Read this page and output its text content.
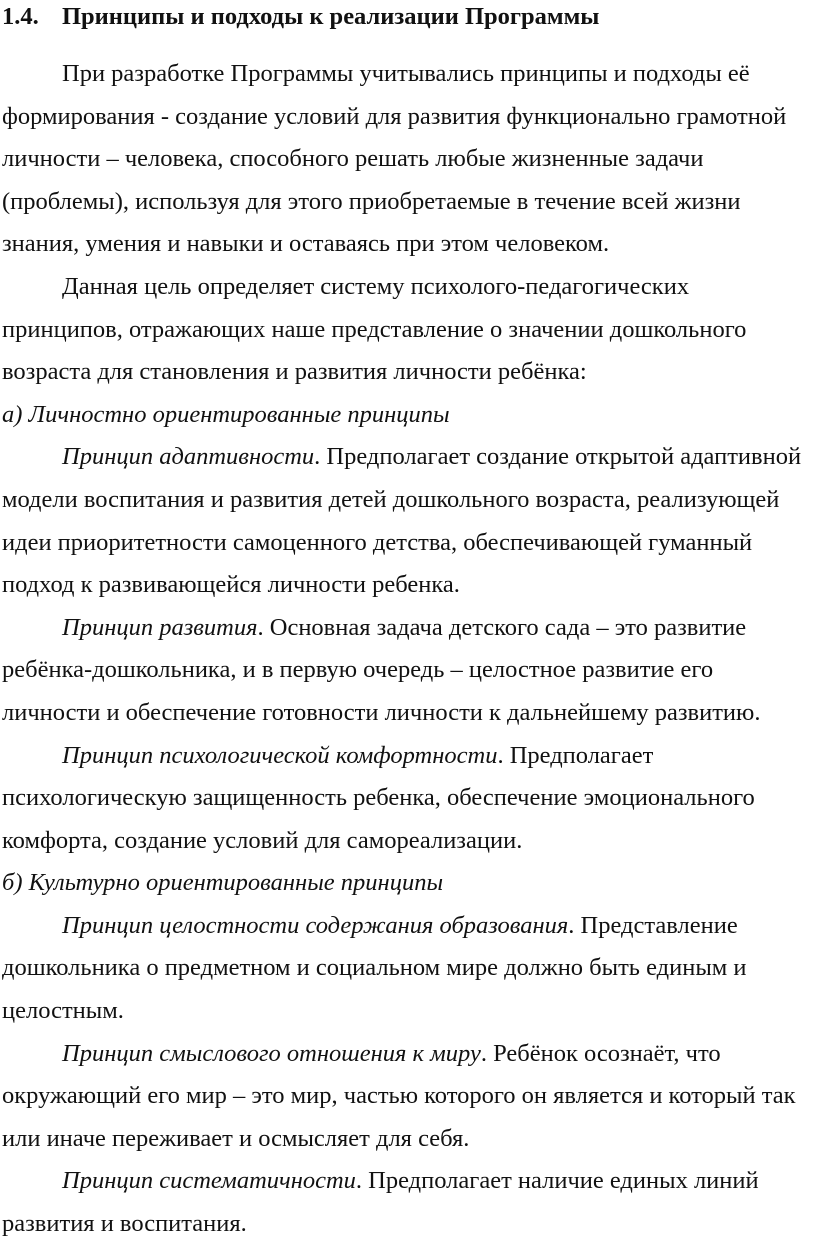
1.4. Принципы и подходы к реализации Программы

При разработке Программы учитывались принципы и подходы её формирования - создание условий для развития функционально грамотной личности – человека, способного решать любые жизненные задачи (проблемы), используя для этого приобретаемые в течение всей жизни знания, умения и навыки и оставаясь при этом человеком.

Данная цель определяет систему психолого-педагогических принципов, отражающих наше представление о значении дошкольного возраста для становления и развития личности ребёнка:

а) Личностно ориентированные принципы

Принцип адаптивности. Предполагает создание открытой адаптивной модели воспитания и развития детей дошкольного возраста, реализующей идеи приоритетности самоценного детства, обеспечивающей гуманный подход к развивающейся личности ребенка.

Принцип развития. Основная задача детского сада – это развитие ребёнка-дошкольника, и в первую очередь – целостное развитие его личности и обеспечение готовности личности к дальнейшему развитию.

Принцип психологической комфортности. Предполагает психологическую защищенность ребенка, обеспечение эмоционального комфорта, создание условий для самореализации.

б) Культурно ориентированные принципы

Принцип целостности содержания образования. Представление дошкольника о предметном и социальном мире должно быть единым и целостным.

Принцип смыслового отношения к миру. Ребёнок осознаёт, что окружающий его мир – это мир, частью которого он является и который так или иначе переживает и осмысляет для себя.

Принцип систематичности. Предполагает наличие единых линий развития и воспитания.
